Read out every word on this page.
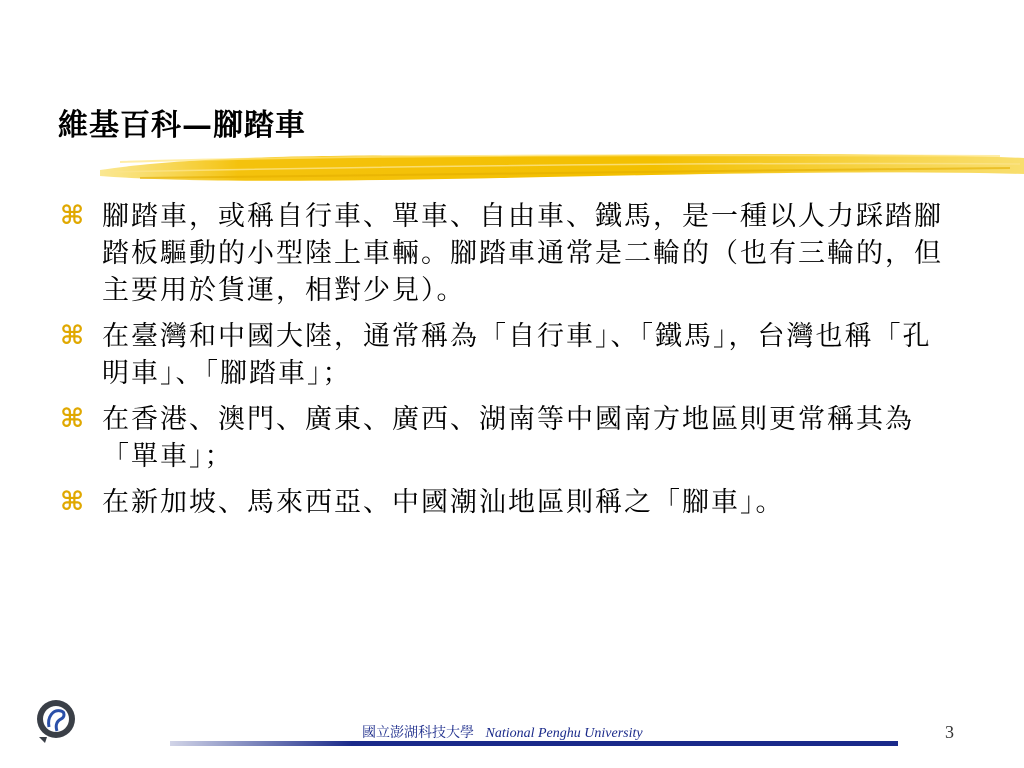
維基百科—腳踏車
⌘ 腳踏車，或稱自行車、單車、自由車、鐵馬，是一種以人力踩踏腳踏板驅動的小型陸上車輛。腳踏車通常是二輪的（也有三輪的，但主要用於貨運，相對少見）。
⌘ 在臺灣和中國大陸，通常稱為「自行車」、「鐵馬」，台灣也稱「孔明車」、「腳踏車」；
⌘ 在香港、澳門、廣東、廣西、湖南等中國南方地區則更常稱其為「單車」；
⌘ 在新加坡、馬來西亞、中國潮汕地區則稱之「腳車」。
國立澎湖科技大學 National Penghu University	3
